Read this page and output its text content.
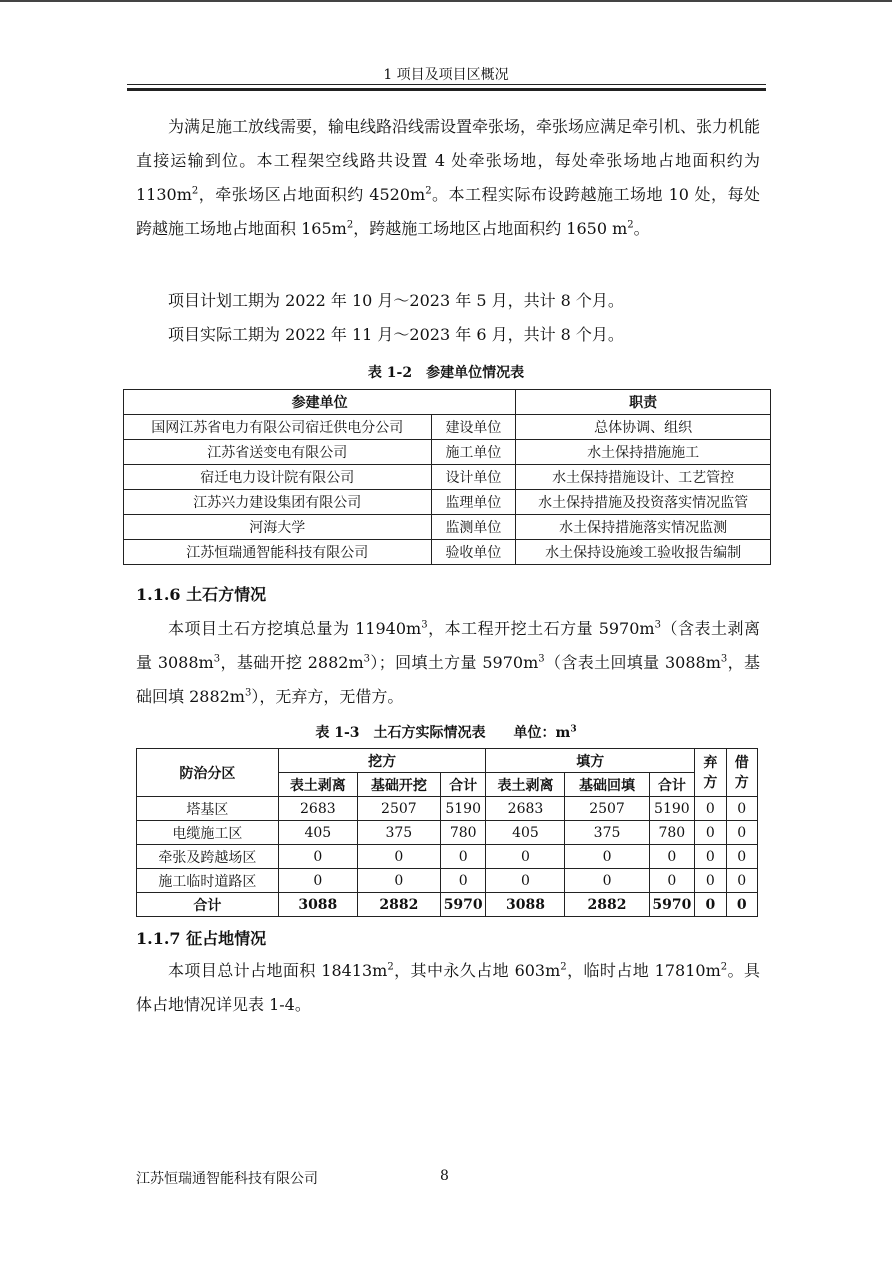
1 项目及项目区概况

为满足施工放线需要，输电线路沿线需设置牵张场，牵张场应满足牵引机、张力机能直接运输到位。本工程架空线路共设置 4 处牵张场地，每处牵张场地占地面积约为 $1130m^2$，牵张场区占地面积约 $4520m^2$。本工程实际布设跨越施工场地 10 处，每处跨越施工场地占地面积 $165m^2$，跨越施工场地区占地面积约 1650 $m^2$。

项目计划工期为 2022 年 10 月～2023 年 5 月，共计 8 个月。

项目实际工期为 2022 年 11 月～2023 年 6 月，共计 8 个月。

表 1-2　参建单位情况表
参建单位		职责
国网江苏省电力有限公司宿迁供电分公司	建设单位	总体协调、组织
江苏省送变电有限公司	施工单位	水土保持措施施工
宿迁电力设计院有限公司	设计单位	水土保持措施设计、工艺管控
江苏兴力建设集团有限公司	监理单位	水土保持措施及投资落实情况监管
河海大学	监测单位	水土保持措施落实情况监测
江苏恒瑞通智能科技有限公司	验收单位	水土保持设施竣工验收报告编制
1.1.6 土石方情况

本项目土石方挖填总量为 $11940m^3$，本工程开挖土石方量 $5970m^3$（含表土剥离量 $3088m^3$，基础开挖 $2882m^3$）；回填土方量 $5970m^3$（含表土回填量 $3088m^3$，基础回填 $2882m^3$），无弃方，无借方。

表 1-3　土石方实际情况表　　单位：$m^3$
防治分区	挖方			填方			弃方	借方
	表土剥离	基础开挖	合计	表土剥离	基础回填	合计		
塔基区	2683	2507	5190	2683	2507	5190	0	0
电缆施工区	405	375	780	405	375	780	0	0
牵张及跨越场区	0	0	0	0	0	0	0	0
施工临时道路区	0	0	0	0	0	0	0	0
合计	3088	2882	5970	3088	2882	5970	0	0
1.1.7 征占地情况

本项目总计占地面积 $18413m^2$，其中永久占地 $603m^2$，临时占地 $17810m^2$。具体占地情况详见表 1-4。

江苏恒瑞通智能科技有限公司	8
